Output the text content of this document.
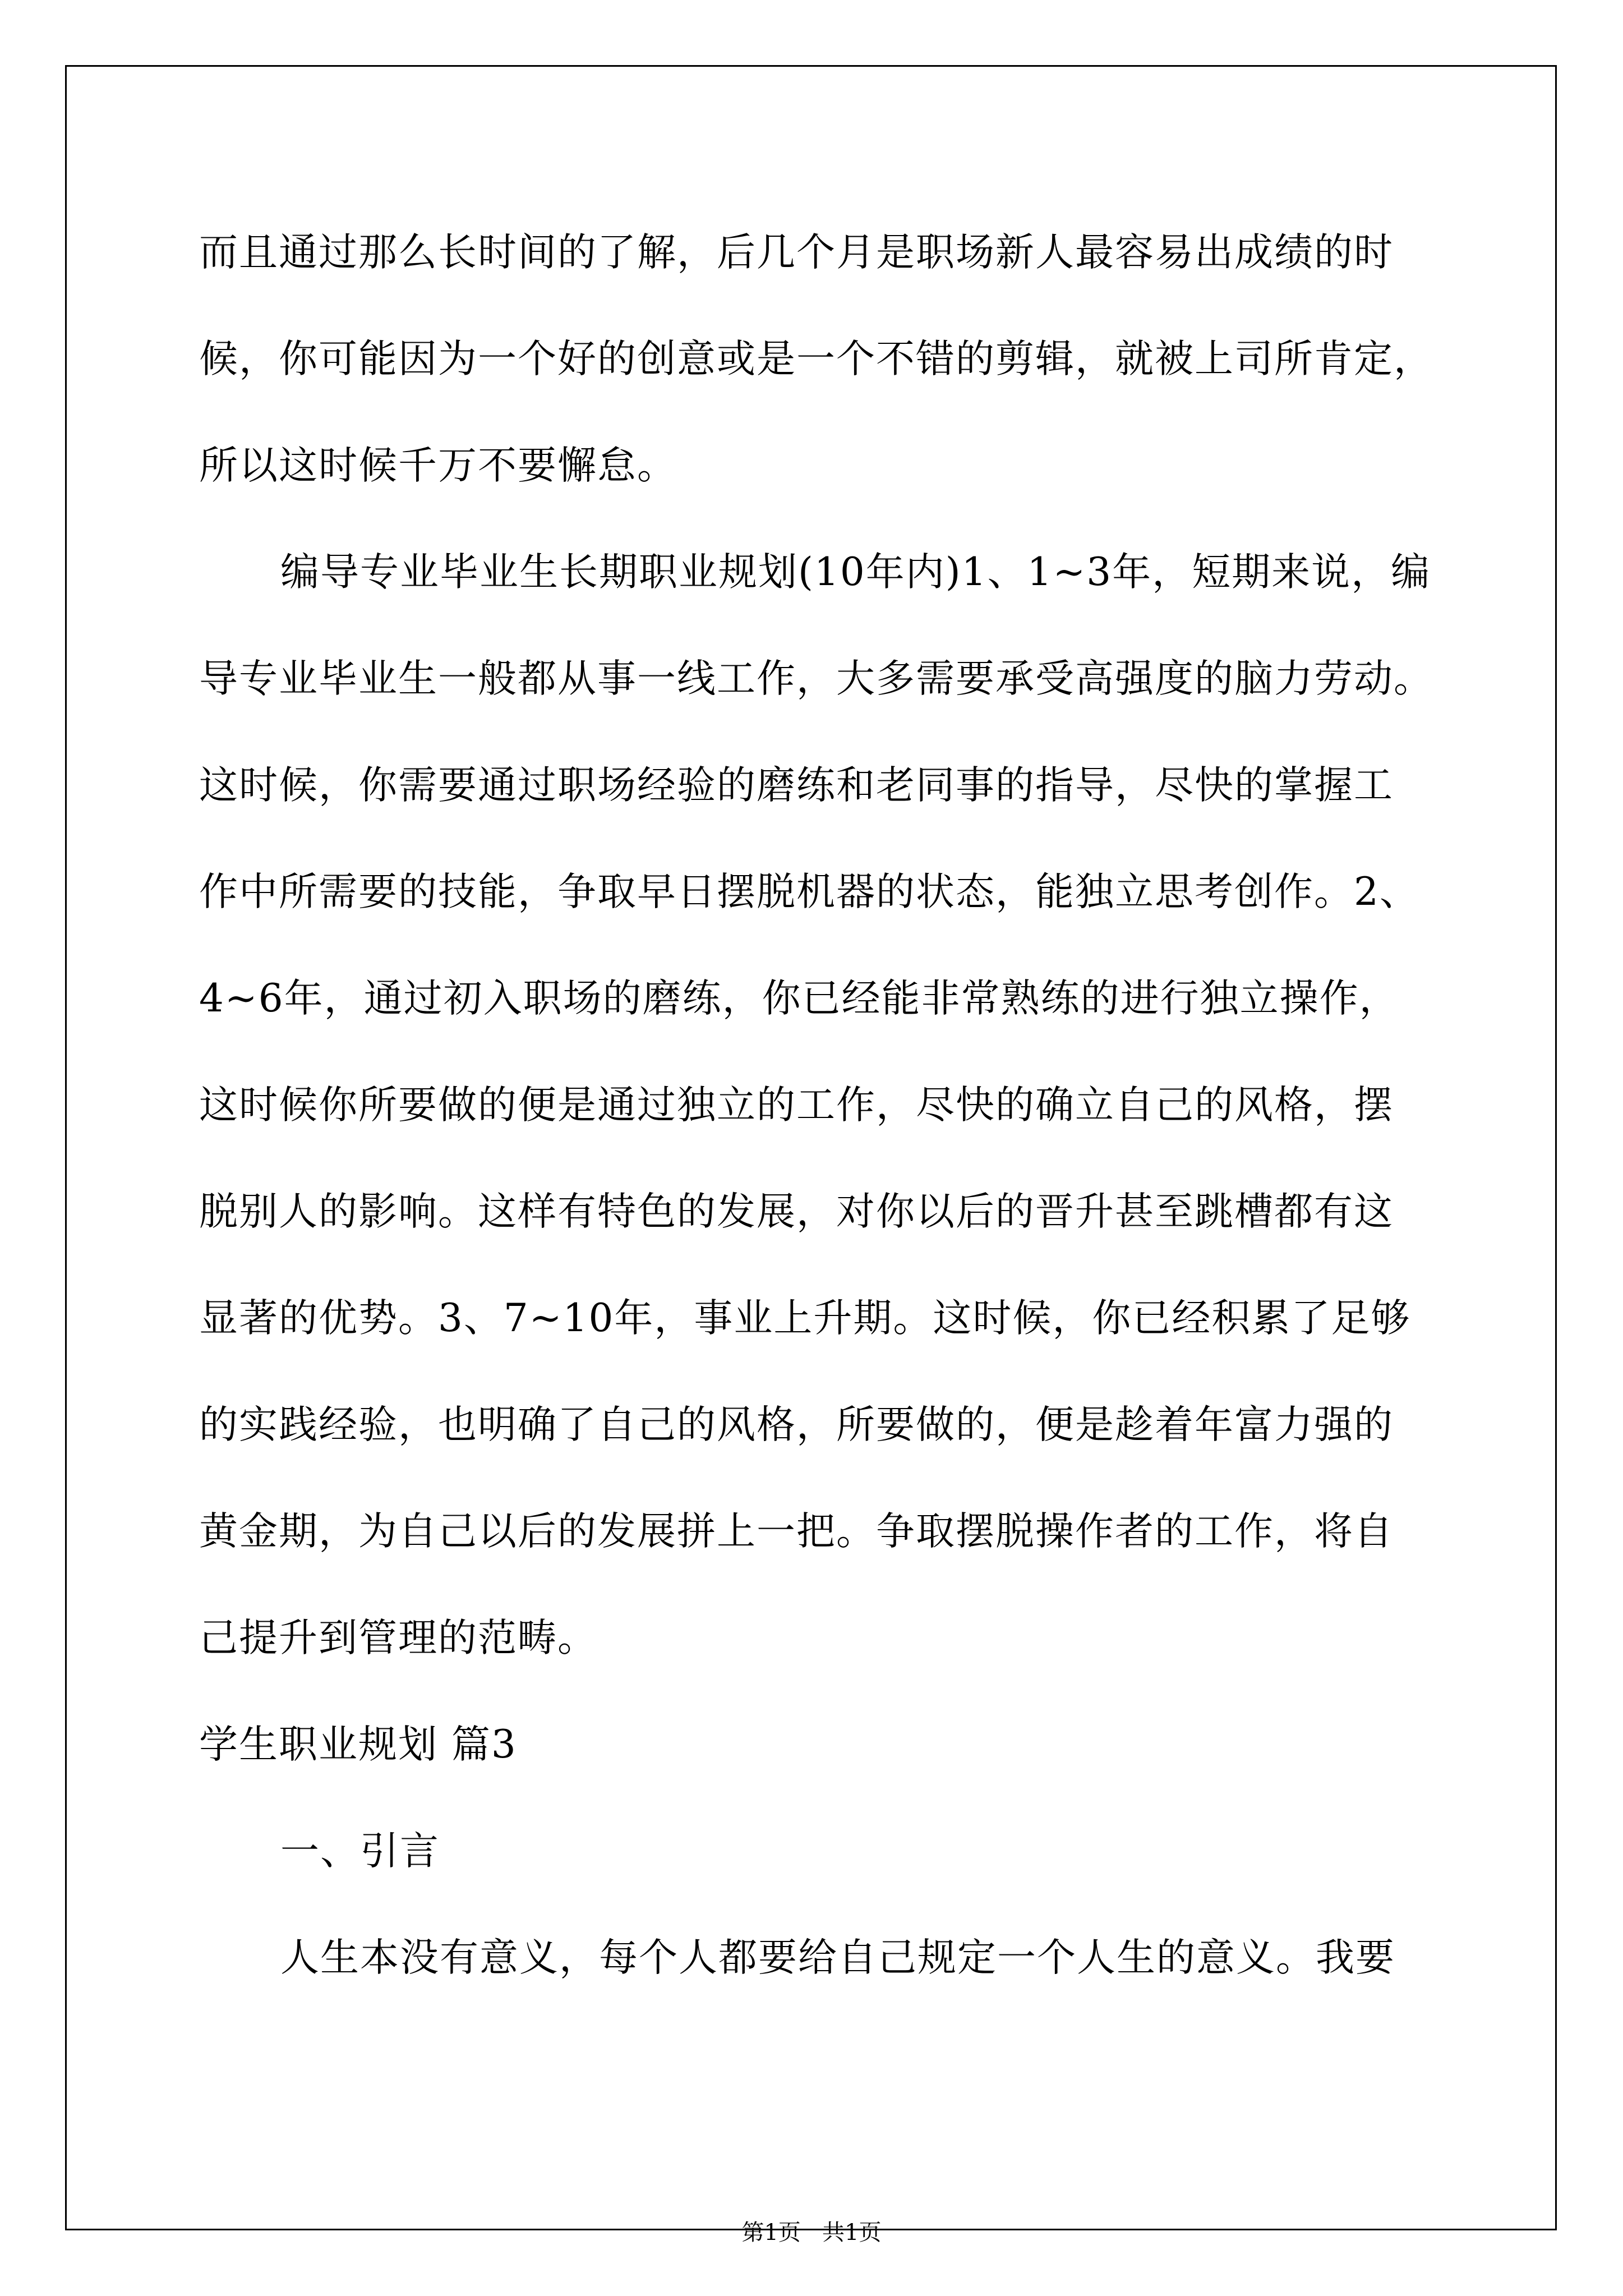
而且通过那么长时间的了解，后几个月是职场新人最容易出成绩的时
候，你可能因为一个好的创意或是一个不错的剪辑，就被上司所肯定，
所以这时候千万不要懈怠。
编导专业毕业生长期职业规划(10年内)1、1~3年，短期来说，编
导专业毕业生一般都从事一线工作，大多需要承受高强度的脑力劳动。
这时候，你需要通过职场经验的磨练和老同事的指导，尽快的掌握工
作中所需要的技能，争取早日摆脱机器的状态，能独立思考创作。2、
4~6年，通过初入职场的磨练，你已经能非常熟练的进行独立操作，
这时候你所要做的便是通过独立的工作，尽快的确立自己的风格，摆
脱别人的影响。这样有特色的发展，对你以后的晋升甚至跳槽都有这
显著的优势。3、7~10年，事业上升期。这时候，你已经积累了足够
的实践经验，也明确了自己的风格，所要做的，便是趁着年富力强的
黄金期，为自己以后的发展拼上一把。争取摆脱操作者的工作，将自
己提升到管理的范畴。
学生职业规划 篇3
一、引言
人生本没有意义，每个人都要给自己规定一个人生的意义。我要
第1页   共1页
